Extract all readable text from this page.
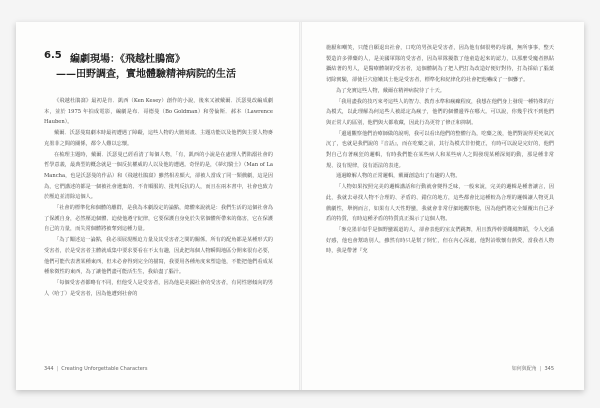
6.5 編劇現場：《飛越杜鵑窩》
——田野調查，實地體驗精神病院的生活

《飛越杜鵑窩》最初是肯．凱西（Ken Kesey）創作的小說，後來又被戴爾．沃瑟曼改編成劇本，並於 1975 年拍成電影，編劇是布．哥德曼（Bo Goldman）和勞倫斯．郝本（Lawrence Hauben）。

戴爾．沃瑟曼寫劇本時最初遭遇了障礙，這些人物的大膽刻畫、主題功能以及他們與主要人物麥克墨菲之間的關係，都令人難以忘懷。

在梳理主題時，戴爾．沃瑟曼已經看清了每個人物，「有，凱西的小說是在處理人們陷溺社會的哲學意義，最典型的概念就是一個反抗權威的人以及他的遭遇。奇怪的是，《夢幻騎士》（Man of La Mancha，也是沃瑟曼的作品）和《飛越杜鵑窩》雖然相差頗大，卻被人當成了同一類戲劇，這是因為，它們講述的都是一個被社會遺棄的、不肯順服的、批判反抗的人，而且在兩本書中，社會也致力於壓迫並清除這個人。

「社會的標準化和個體的離群，是我為本劇設定的論點，總體來說就是：我們生活的這個社會為了保護自身，必然壓迫個體、迫使他遵守紀律，它要保護自身免於失常個體所帶來的傷害，它在保護自己的力量，而失常個體將被奪到這種力量。

「為了闡述這一論點，我必須展現壓迫力量及其受害者之間的關係。所有的配角都是某種形式的受害者，於是受害者主體就成集中要求要看在不太有趣，因此把每個人物瞬間地區分開來很有必要，他們可能代表著某種東西，但未必會得到完全的描寫，我要用各種角度來塑造他，不能把他們看成某種象徵性的東西，為了讓他們盡可能活生生，我給盡了腦汁。

「每個受害者都略有不同，但他受人是受害者，因為他是美國社會的受害者，有同性戀傾向的男人（哈丁）是受害者，因為他遭到社會的

344 | Creating Unforgettable Characters

施厭和嘲笑，只能自願退出社會，口吃的男孩是受害者，因為他有個很勢的母親，無所事事，整天製造許多彈藥的人，是美國軍隊的受害者，因為軍隊擾散了他童造起來的認力，以那麼受魔者熱貼攝結著的男人，是醫療體制的受害者，這個體制為了把人們打為改造好便好對待，打為採給了腦葉切除實驗，卻使巨穴億嫩其士他是受害者，標準化和紀律化的社會把他嚇成了一個聾子。

為了充實這些人物，戴爾在精神病院待了十天。

「我用盡我的技巧來考這些人的智力、教育水準和瘋癲程度，我想在他們身上發現一種特殊的行為模式，以此理解為何這些人被認定為瘋子，他們的個體邊界在哪大。可以說，你幾乎找不到他們與正常人的區別，他們與大都收藏，因此行為更符了修正和抑制。

「邊通觀察他們治療師做的說明，我可以看出他們的整體行為，吃藥之後，他們對說得更死氣沉沉了，也就是我們說的『音話』，而在吃藥之前，其行為模式非但健正，有時可以說是完好的，他們對自己有著瘋狂的邏輯，有時我們能在某些病人和某些病人之間發現某種深刻的動，那是種非常規、沒有規律，沒有語法的表達。

通過瞭解人物的正常邏輯，戴爾創造出了有趣的人物。

「人物如果按照完美的邏輯講話和行動就會變得乏味，一般來說，完美的邏輯是種著讓言，因此，我就去尋找人物不合理的、矛盾的、錯位的地方，這些都會比這種較為合理的邏輯讓人物更具戲劇性，舉例而言，如果有人天性野蠻，我就會非常仔細地觀察他，因為他們將完全顛覆出自己矛盾的特質，有時這種矛盾的特質真正揭示了這個人物。

「麥克墨菲似乎是個野蠻霸道的人，卻會表他的室友們跳舞，用且教得幹要繩繩舞蹈，令人充滿好感，他也會幫助別人，雖然有時只是幫了倒忙，但在內心深處，他對詩歌懷有熱愛，當我者人物時，我是帶著『充

如何與配角 | 345
